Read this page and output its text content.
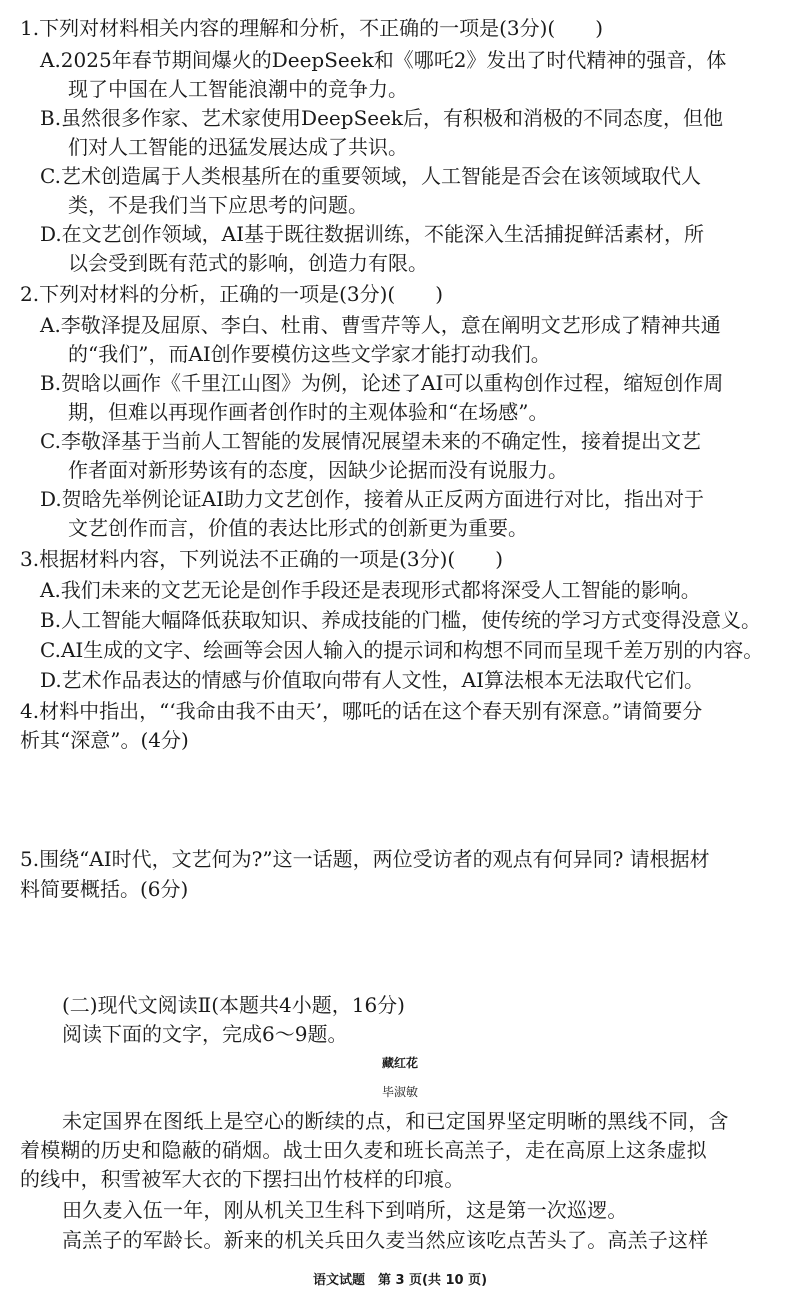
1.下列对材料相关内容的理解和分析，不正确的一项是(3分)(　　)
A.2025年春节期间爆火的DeepSeek和《哪吒2》发出了时代精神的强音，体
现了中国在人工智能浪潮中的竞争力。
B.虽然很多作家、艺术家使用DeepSeek后，有积极和消极的不同态度，但他
们对人工智能的迅猛发展达成了共识。
C.艺术创造属于人类根基所在的重要领域，人工智能是否会在该领域取代人
类，不是我们当下应思考的问题。
D.在文艺创作领域，AI基于既往数据训练，不能深入生活捕捉鲜活素材，所
以会受到既有范式的影响，创造力有限。
2.下列对材料的分析，正确的一项是(3分)(　　)
A.李敬泽提及屈原、李白、杜甫、曹雪芹等人，意在阐明文艺形成了精神共通
的“我们”，而AI创作要模仿这些文学家才能打动我们。
B.贺晗以画作《千里江山图》为例，论述了AI可以重构创作过程，缩短创作周
期，但难以再现作画者创作时的主观体验和“在场感”。
C.李敬泽基于当前人工智能的发展情况展望未来的不确定性，接着提出文艺
作者面对新形势该有的态度，因缺少论据而没有说服力。
D.贺晗先举例论证AI助力文艺创作，接着从正反两方面进行对比，指出对于
文艺创作而言，价值的表达比形式的创新更为重要。
3.根据材料内容，下列说法不正确的一项是(3分)(　　)
A.我们未来的文艺无论是创作手段还是表现形式都将深受人工智能的影响。
B.人工智能大幅降低获取知识、养成技能的门槛，使传统的学习方式变得没意义。
C.AI生成的文字、绘画等会因人输入的提示词和构想不同而呈现千差万别的内容。
D.艺术作品表达的情感与价值取向带有人文性，AI算法根本无法取代它们。
4.材料中指出，“‘我命由我不由天’，哪吒的话在这个春天别有深意。”请简要分
析其“深意”。(4分)
5.围绕“AI时代，文艺何为?”这一话题，两位受访者的观点有何异同? 请根据材
料简要概括。(6分)
(二)现代文阅读Ⅱ(本题共4小题，16分)
阅读下面的文字，完成6～9题。
藏红花
毕淑敏
未定国界在图纸上是空心的断续的点，和已定国界坚定明晰的黑线不同，含
着模糊的历史和隐蔽的硝烟。战士田久麦和班长高羔子，走在高原上这条虚拟
的线中，积雪被军大衣的下摆扫出竹枝样的印痕。
田久麦入伍一年，刚从机关卫生科下到哨所，这是第一次巡逻。
高羔子的军龄长。新来的机关兵田久麦当然应该吃点苦头了。高羔子这样
语文试题　第 3 页(共 10 页)
